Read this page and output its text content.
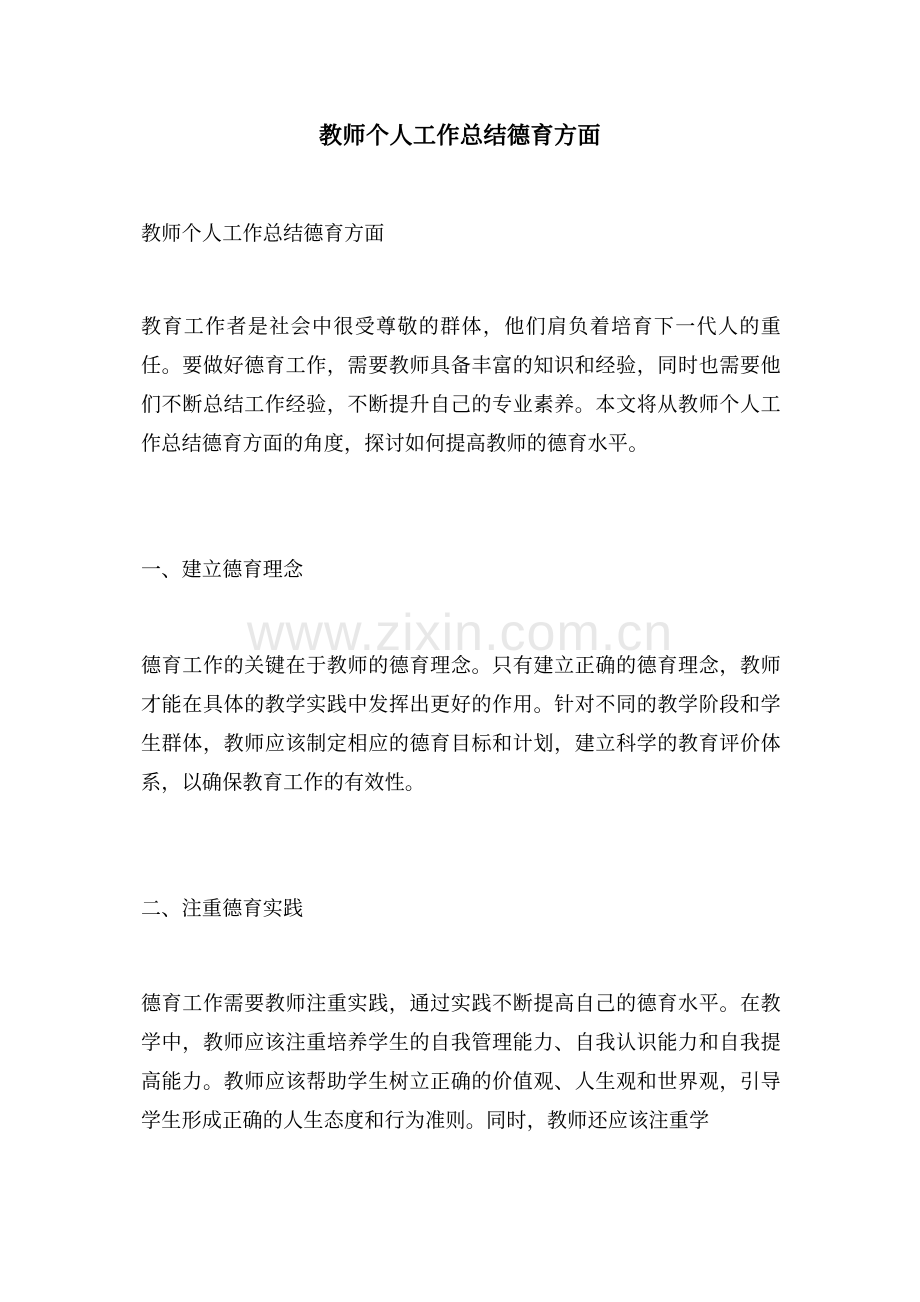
教师个人工作总结德育方面

教师个人工作总结德育方面

教育工作者是社会中很受尊敬的群体，他们肩负着培育下一代人的重任。要做好德育工作，需要教师具备丰富的知识和经验，同时也需要他们不断总结工作经验，不断提升自己的专业素养。本文将从教师个人工作总结德育方面的角度，探讨如何提高教师的德育水平。

一、建立德育理念

www.zixin.com.cn

德育工作的关键在于教师的德育理念。只有建立正确的德育理念，教师才能在具体的教学实践中发挥出更好的作用。针对不同的教学阶段和学生群体，教师应该制定相应的德育目标和计划，建立科学的教育评价体系，以确保教育工作的有效性。

二、注重德育实践

德育工作需要教师注重实践，通过实践不断提高自己的德育水平。在教学中，教师应该注重培养学生的自我管理能力、自我认识能力和自我提高能力。教师应该帮助学生树立正确的价值观、人生观和世界观，引导学生形成正确的人生态度和行为准则。同时，教师还应该注重学
